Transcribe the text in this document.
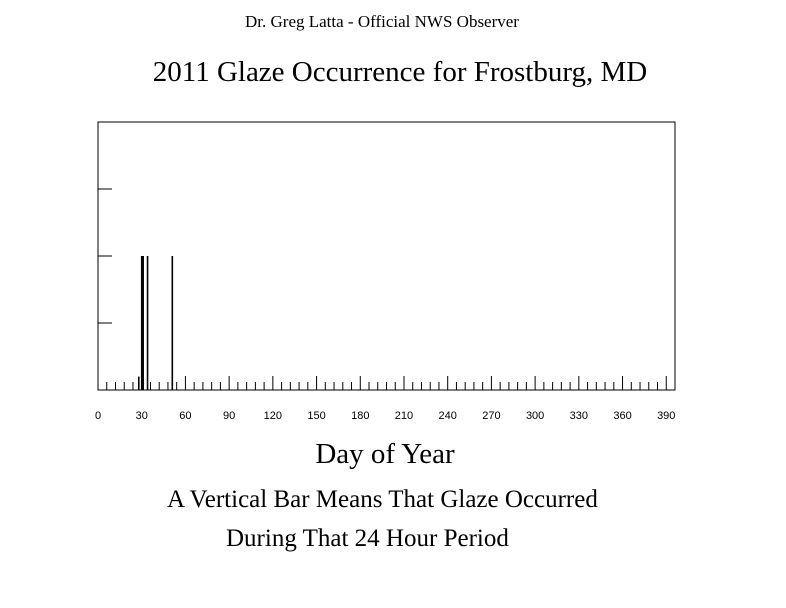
Dr. Greg Latta - Official NWS Observer
2011 Glaze Occurrence for Frostburg, MD
0	30	60	90	120 150 180 210 240 270 300 330 360 390
Day of Year
A Vertical Bar Means That Glaze Occurred
During That 24 Hour Period
